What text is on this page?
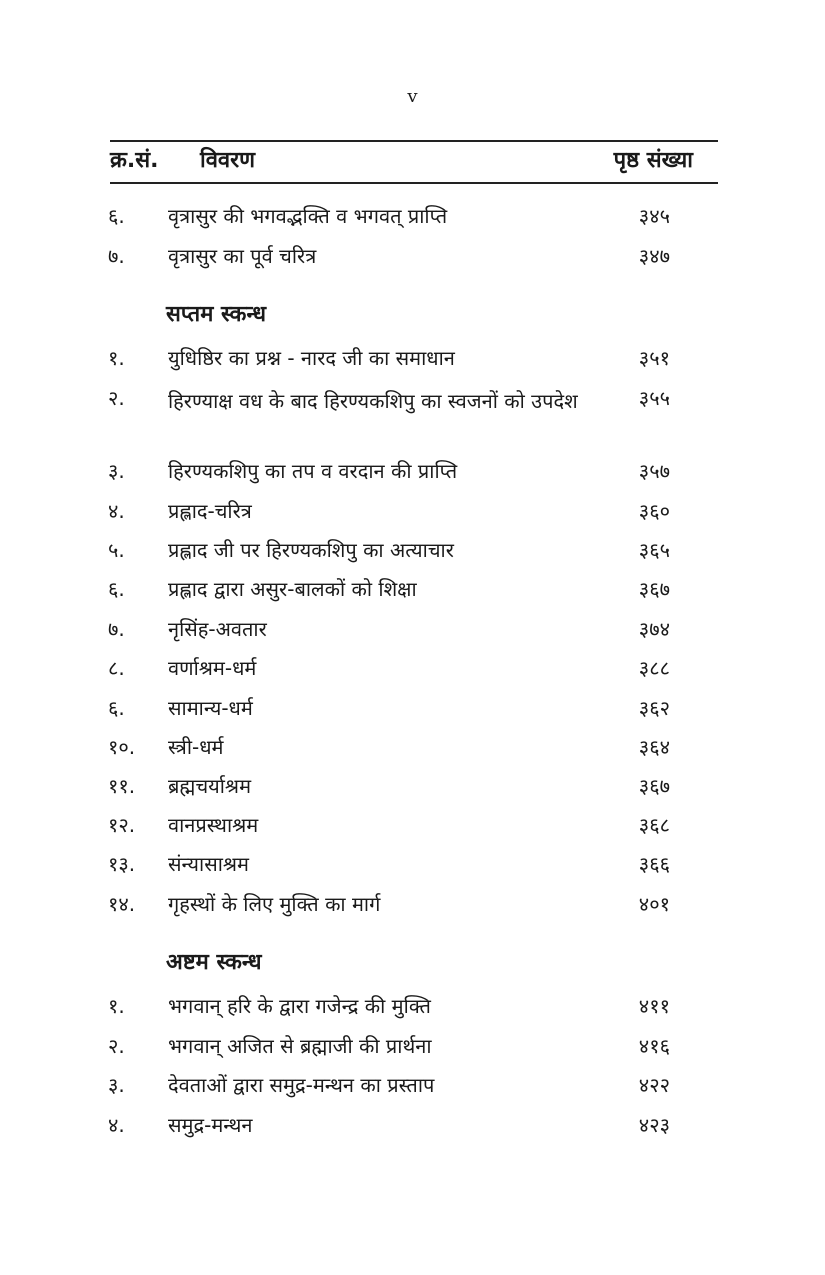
v
क्र.सं. विवरण	पृष्ठ संख्या
६. वृत्रासुर की भगवद्भक्ति व भगवत् प्राप्ति	३४५
७. वृत्रासुर का पूर्व चरित्र	३४७
सप्तम स्कन्ध
१. युधिष्ठिर का प्रश्न - नारद जी का समाधान	३५१
२. हिरण्याक्ष वध के बाद हिरण्यकशिपु का स्वजनों को उपदेश	३५५
३. हिरण्यकशिपु का तप व वरदान की प्राप्ति	३५७
४. प्रह्लाद-चरित्र	३६०
५. प्रह्लाद जी पर हिरण्यकशिपु का अत्याचार	३६५
६. प्रह्लाद द्वारा असुर-बालकों को शिक्षा	३६७
७. नृसिंह-अवतार	३७४
८. वर्णाश्रम-धर्म	३८८
६. सामान्य-धर्म	३६२
१०. स्त्री-धर्म	३६४
११. ब्रह्मचर्याश्रम	३६७
१२. वानप्रस्थाश्रम	३६८
१३. संन्यासाश्रम	३६६
१४. गृहस्थों के लिए मुक्ति का मार्ग	४०१
अष्टम स्कन्ध
१. भगवान् हरि के द्वारा गजेन्द्र की मुक्ति	४११
२. भगवान् अजित से ब्रह्माजी की प्रार्थना	४१६
३. देवताओं द्वारा समुद्र-मन्थन का प्रस्ताप	४२२
४. समुद्र-मन्थन	४२३
